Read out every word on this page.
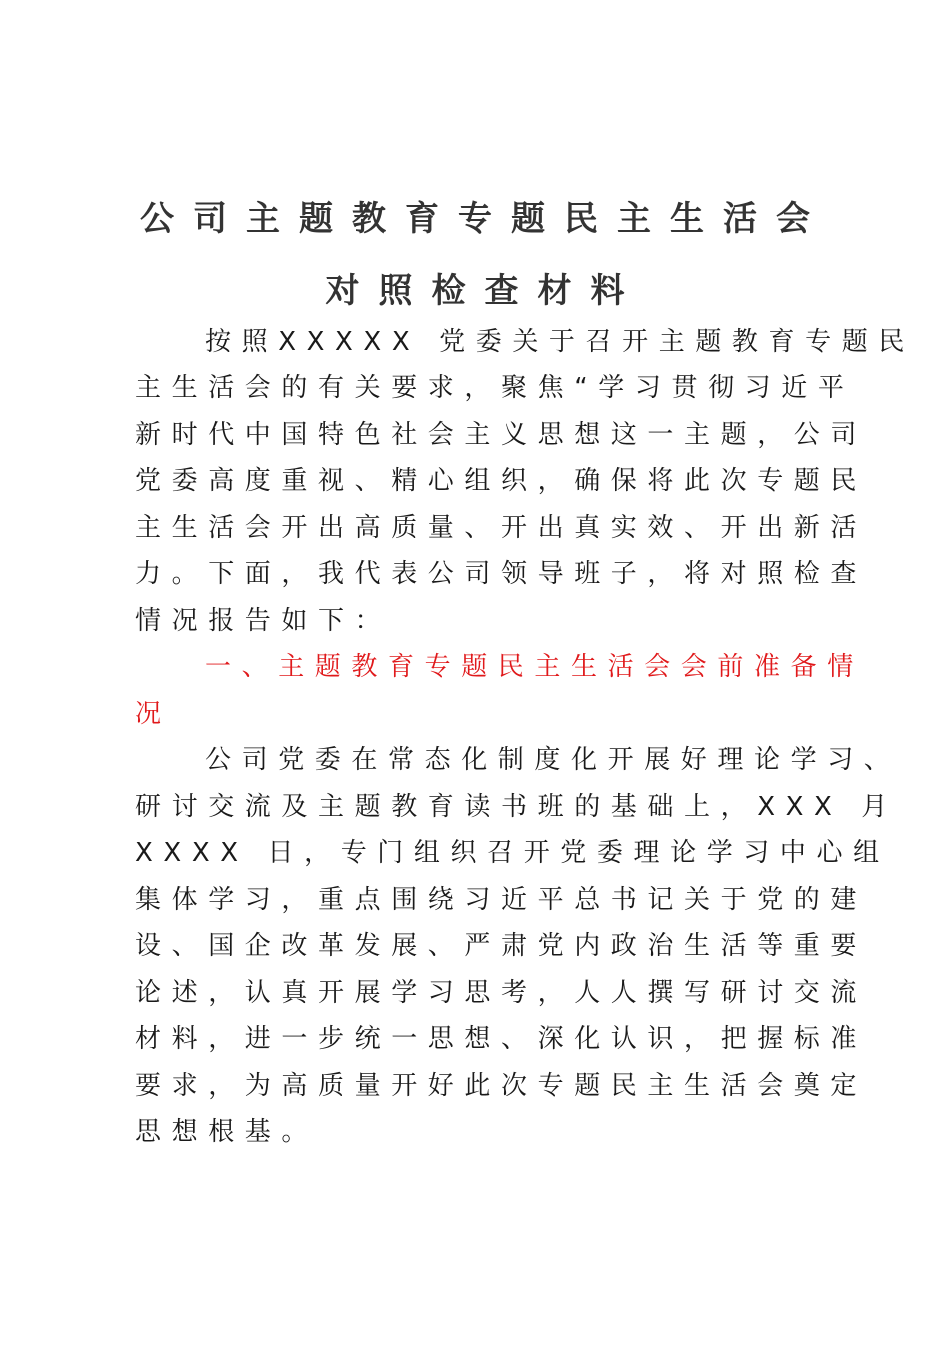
公司主题教育专题民主生活会
对照检查材料
按照XXXXX 党委关于召开主题教育专题民
主生活会的有关要求，聚焦“学习贯彻习近平
新时代中国特色社会主义思想这一主题，公司
党委高度重视、精心组织，确保将此次专题民
主生活会开出高质量、开出真实效、开出新活
力。下面，我代表公司领导班子，将对照检查
情况报告如下：
一、主题教育专题民主生活会会前准备情
况
公司党委在常态化制度化开展好理论学习、
研讨交流及主题教育读书班的基础上，XXX 月
XXXX 日，专门组织召开党委理论学习中心组
集体学习，重点围绕习近平总书记关于党的建
设、国企改革发展、严肃党内政治生活等重要
论述，认真开展学习思考，人人撰写研讨交流
材料，进一步统一思想、深化认识，把握标准
要求，为高质量开好此次专题民主生活会奠定
思想根基。
